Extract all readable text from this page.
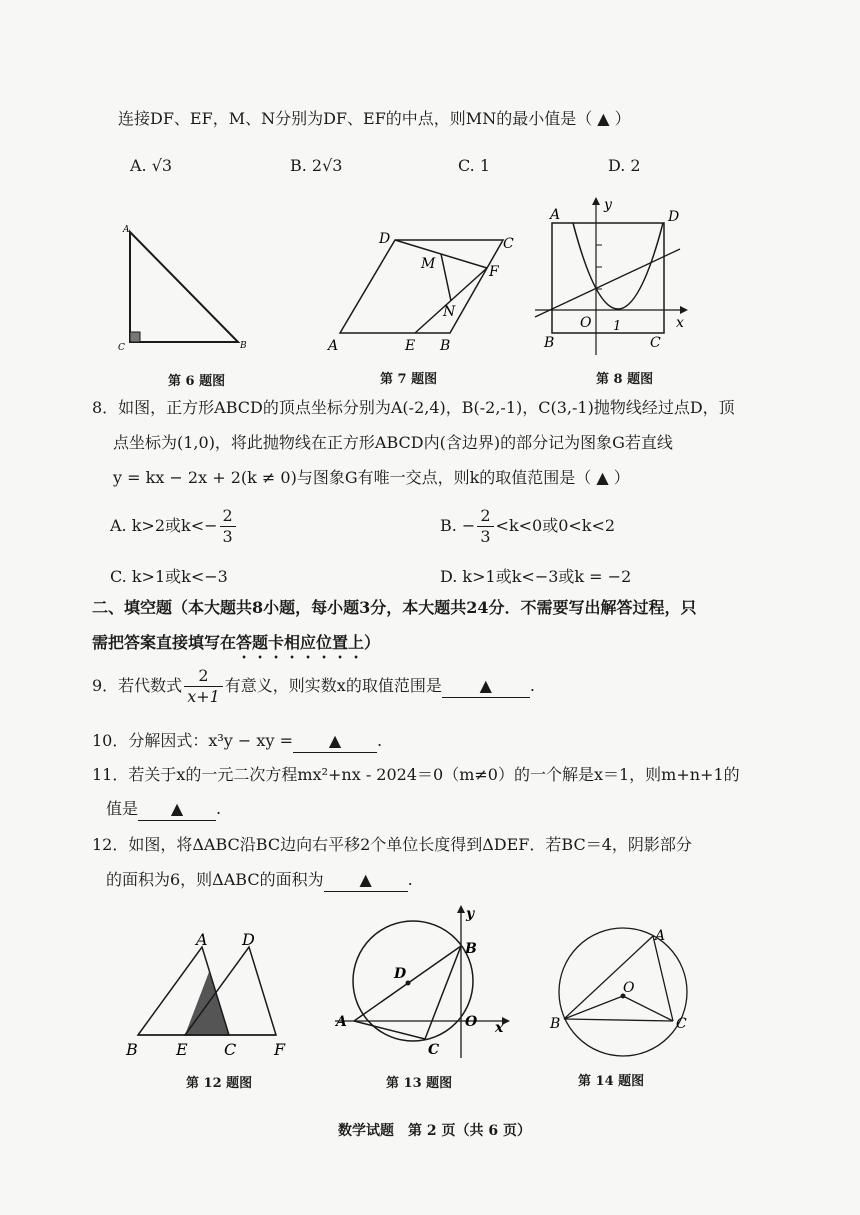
连接DF、EF，M、N分别为DF、EF的中点，则MN的最小值是（ ▲ ）
A. √3	B. 2√3	C. 1	D. 2
A
B
C
第 6 题图
A	B
C
D
E
F
M
N
第 7 题图
A
B	C
D
O 1	x
y
第 8 题图
8．如图，正方形ABCD的顶点坐标分别为A(-2,4)，B(-2,-1)，C(3,-1)抛物线经过点D，顶
点坐标为(1,0)，将此抛物线在正方形ABCD内(含边界)的部分记为图象G若直线
y = kx − 2x + 2(k ≠ 0)与图象G有唯一交点，则k的取值范围是（ ▲ ）
A. k>2或$k<- \frac{2}{3}$	B. − $\frac{2}{3} <k<0$或0<k<2
C. k>1或k<−3	D. k>1或k<−3或k = −2
二、填空题（本大题共8小题，每小题3分，本大题共24分．不需要写出解答过程，只
需把答案直接填写在答题卡相应位置上）
9．若代数式 $\frac{2}{x+1}$ 有意义，则实数x的取值范围是 ▲ .
10．分解因式：x³y − xy = ▲ .
11．若关于x的一元二次方程mx²+nx - 2024＝0（m≠0）的一个解是x＝1，则m+n+1的
值是 ▲ .
12．如图，将ΔABC沿BC边向右平移2个单位长度得到ΔDEF．若BC＝4，阴影部分
的面积为6，则ΔABC的面积为 ▲ .
A
B	C
D
E	F
第 12 题图
A
B
C
D
O x
y
第 13 题图
A
B	C
O
第 14 题图
数学试题　第 2 页（共 6 页）
